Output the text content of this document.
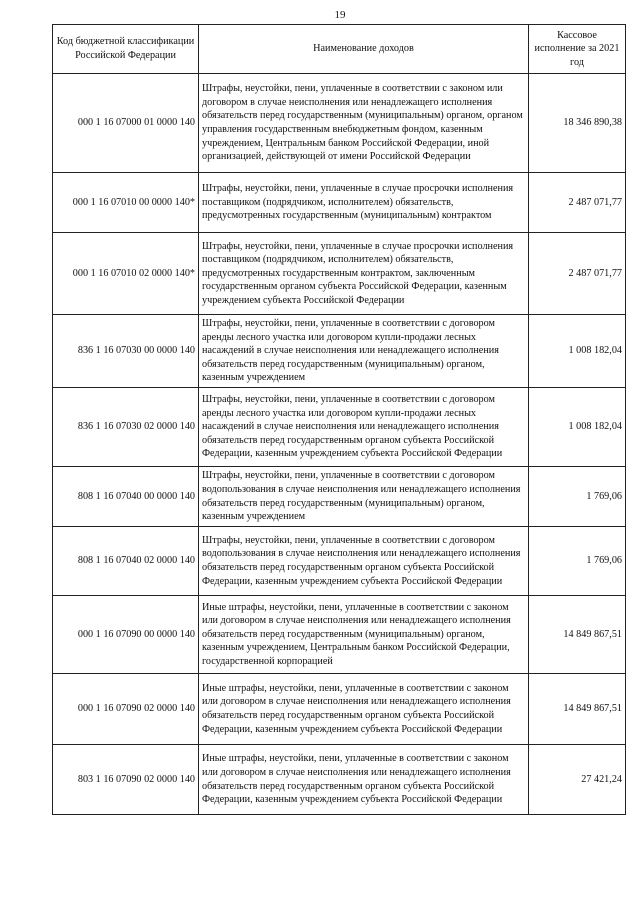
19
Код бюджетной классификации Российской Федерации	Наименование доходов	Кассовое исполнение за 2021 год
000 1 16 07000 01 0000 140	Штрафы, неустойки, пени, уплаченные в соответствии с законом или договором в случае неисполнения или ненадлежащего исполнения обязательств перед государственным (муниципальным) органом, органом управления государственным внебюджетным фондом, казенным учреждением, Центральным банком Российской Федерации, иной организацией, действующей от имени Российской Федерации	18 346 890,38
000 1 16 07010 00 0000 140*	Штрафы, неустойки, пени, уплаченные в случае просрочки исполнения поставщиком (подрядчиком, исполнителем) обязательств, предусмотренных государственным (муниципальным) контрактом	2 487 071,77
000 1 16 07010 02 0000 140*	Штрафы, неустойки, пени, уплаченные в случае просрочки исполнения поставщиком (подрядчиком, исполнителем) обязательств, предусмотренных государственным контрактом, заключенным государственным органом субъекта Российской Федерации, казенным учреждением субъекта Российской Федерации	2 487 071,77
836 1 16 07030 00 0000 140	Штрафы, неустойки, пени, уплаченные в соответствии с договором аренды лесного участка или договором купли-продажи лесных насаждений в случае неисполнения или ненадлежащего исполнения обязательств перед государственным (муниципальным) органом, казенным учреждением	1 008 182,04
836 1 16 07030 02 0000 140	Штрафы, неустойки, пени, уплаченные в соответствии с договором аренды лесного участка или договором купли-продажи лесных насаждений в случае неисполнения или ненадлежащего исполнения обязательств перед государственным органом субъекта Российской Федерации, казенным учреждением субъекта Российской Федерации	1 008 182,04
808 1 16 07040 00 0000 140	Штрафы, неустойки, пени, уплаченные в соответствии с договором водопользования в случае неисполнения или ненадлежащего исполнения обязательств перед государственным (муниципальным) органом, казенным учреждением	1 769,06
808 1 16 07040 02 0000 140	Штрафы, неустойки, пени, уплаченные в соответствии с договором водопользования в случае неисполнения или ненадлежащего исполнения обязательств перед государственным органом субъекта Российской Федерации, казенным учреждением субъекта Российской Федерации	1 769,06
000 1 16 07090 00 0000 140	Иные штрафы, неустойки, пени, уплаченные в соответствии с законом или договором в случае неисполнения или ненадлежащего исполнения обязательств перед государственным (муниципальным) органом, казенным учреждением, Центральным банком Российской Федерации, государственной корпорацией	14 849 867,51
000 1 16 07090 02 0000 140	Иные штрафы, неустойки, пени, уплаченные в соответствии с законом или договором в случае неисполнения или ненадлежащего исполнения обязательств перед государственным органом субъекта Российской Федерации, казенным учреждением субъекта Российской Федерации	14 849 867,51
803 1 16 07090 02 0000 140	Иные штрафы, неустойки, пени, уплаченные в соответствии с законом или договором в случае неисполнения или ненадлежащего исполнения обязательств перед государственным органом субъекта Российской Федерации, казенным учреждением субъекта Российской Федерации	27 421,24
